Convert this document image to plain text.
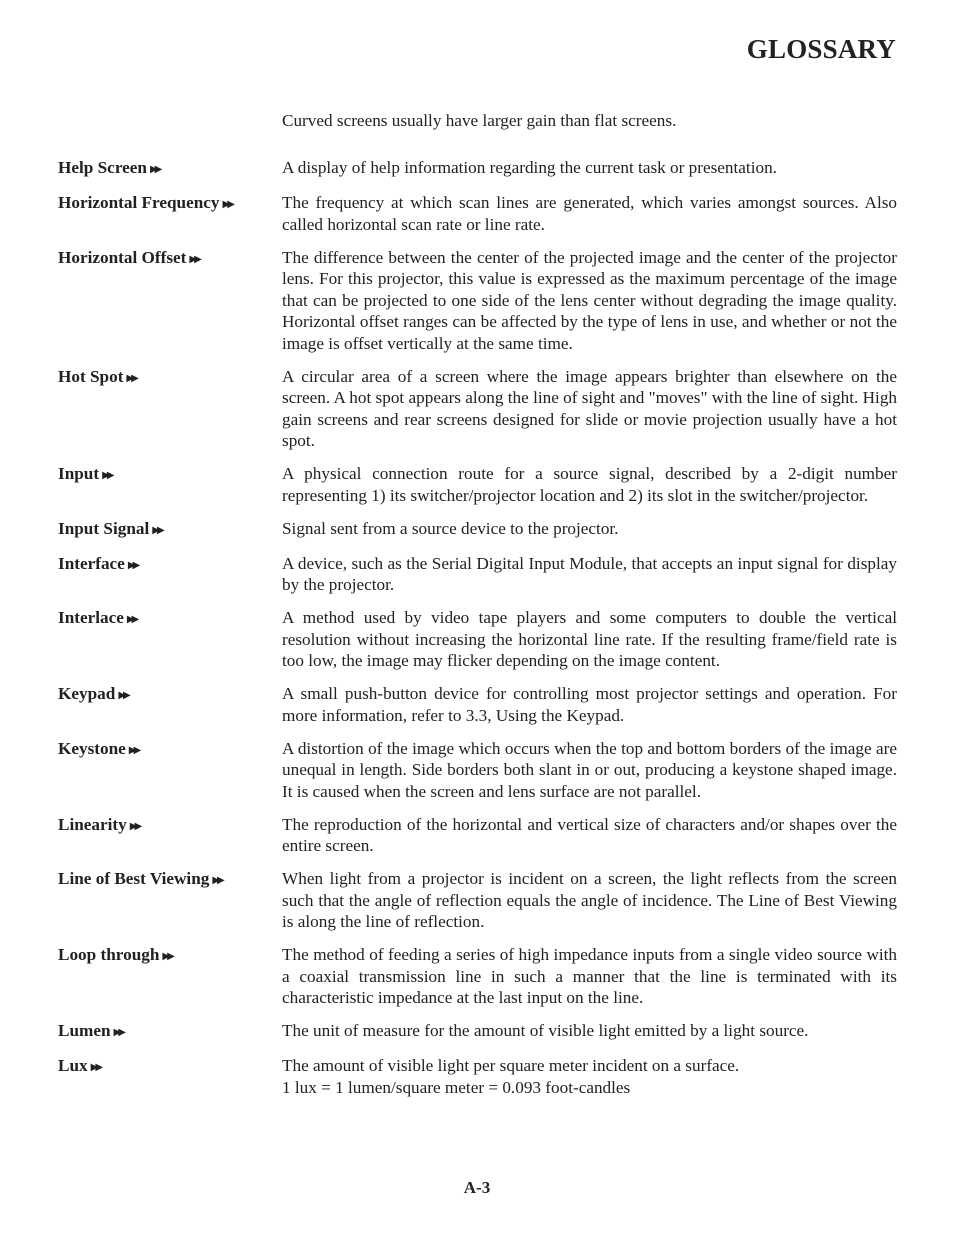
GLOSSARY

Curved screens usually have larger gain than flat screens.

Help Screen ▶▶	A display of help information regarding the current task or presentation.

Horizontal Frequency ▶▶	The frequency at which scan lines are generated, which varies amongst sources. Also called horizontal scan rate or line rate.

Horizontal Offset ▶▶	The difference between the center of the projected image and the center of the projector lens. For this projector, this value is expressed as the maximum percentage of the image that can be projected to one side of the lens center without degrading the image quality. Horizontal offset ranges can be affected by the type of lens in use, and whether or not the image is offset vertically at the same time.

Hot Spot ▶▶	A circular area of a screen where the image appears brighter than elsewhere on the screen. A hot spot appears along the line of sight and "moves" with the line of sight. High gain screens and rear screens designed for slide or movie projection usually have a hot spot.

Input ▶▶	A physical connection route for a source signal, described by a 2-digit number representing 1) its switcher/projector location and 2) its slot in the switcher/projector.

Input Signal ▶▶	Signal sent from a source device to the projector.

Interface ▶▶	A device, such as the Serial Digital Input Module, that accepts an input signal for display by the projector.

Interlace ▶▶	A method used by video tape players and some computers to double the vertical resolution without increasing the horizontal line rate. If the resulting frame/field rate is too low, the image may flicker depending on the image content.

Keypad ▶▶	A small push-button device for controlling most projector settings and operation. For more information, refer to 3.3, Using the Keypad.

Keystone ▶▶	A distortion of the image which occurs when the top and bottom borders of the image are unequal in length. Side borders both slant in or out, producing a keystone shaped image. It is caused when the screen and lens surface are not parallel.

Linearity ▶▶	The reproduction of the horizontal and vertical size of characters and/or shapes over the entire screen.

Line of Best Viewing ▶▶	When light from a projector is incident on a screen, the light reflects from the screen such that the angle of reflection equals the angle of incidence. The Line of Best Viewing is along the line of reflection.

Loop through ▶▶	The method of feeding a series of high impedance inputs from a single video source with a coaxial transmission line in such a manner that the line is terminated with its characteristic impedance at the last input on the line.

Lumen ▶▶	The unit of measure for the amount of visible light emitted by a light source.

Lux ▶▶	The amount of visible light per square meter incident on a surface.
1 lux = 1 lumen/square meter = 0.093 foot-candles

A-3
